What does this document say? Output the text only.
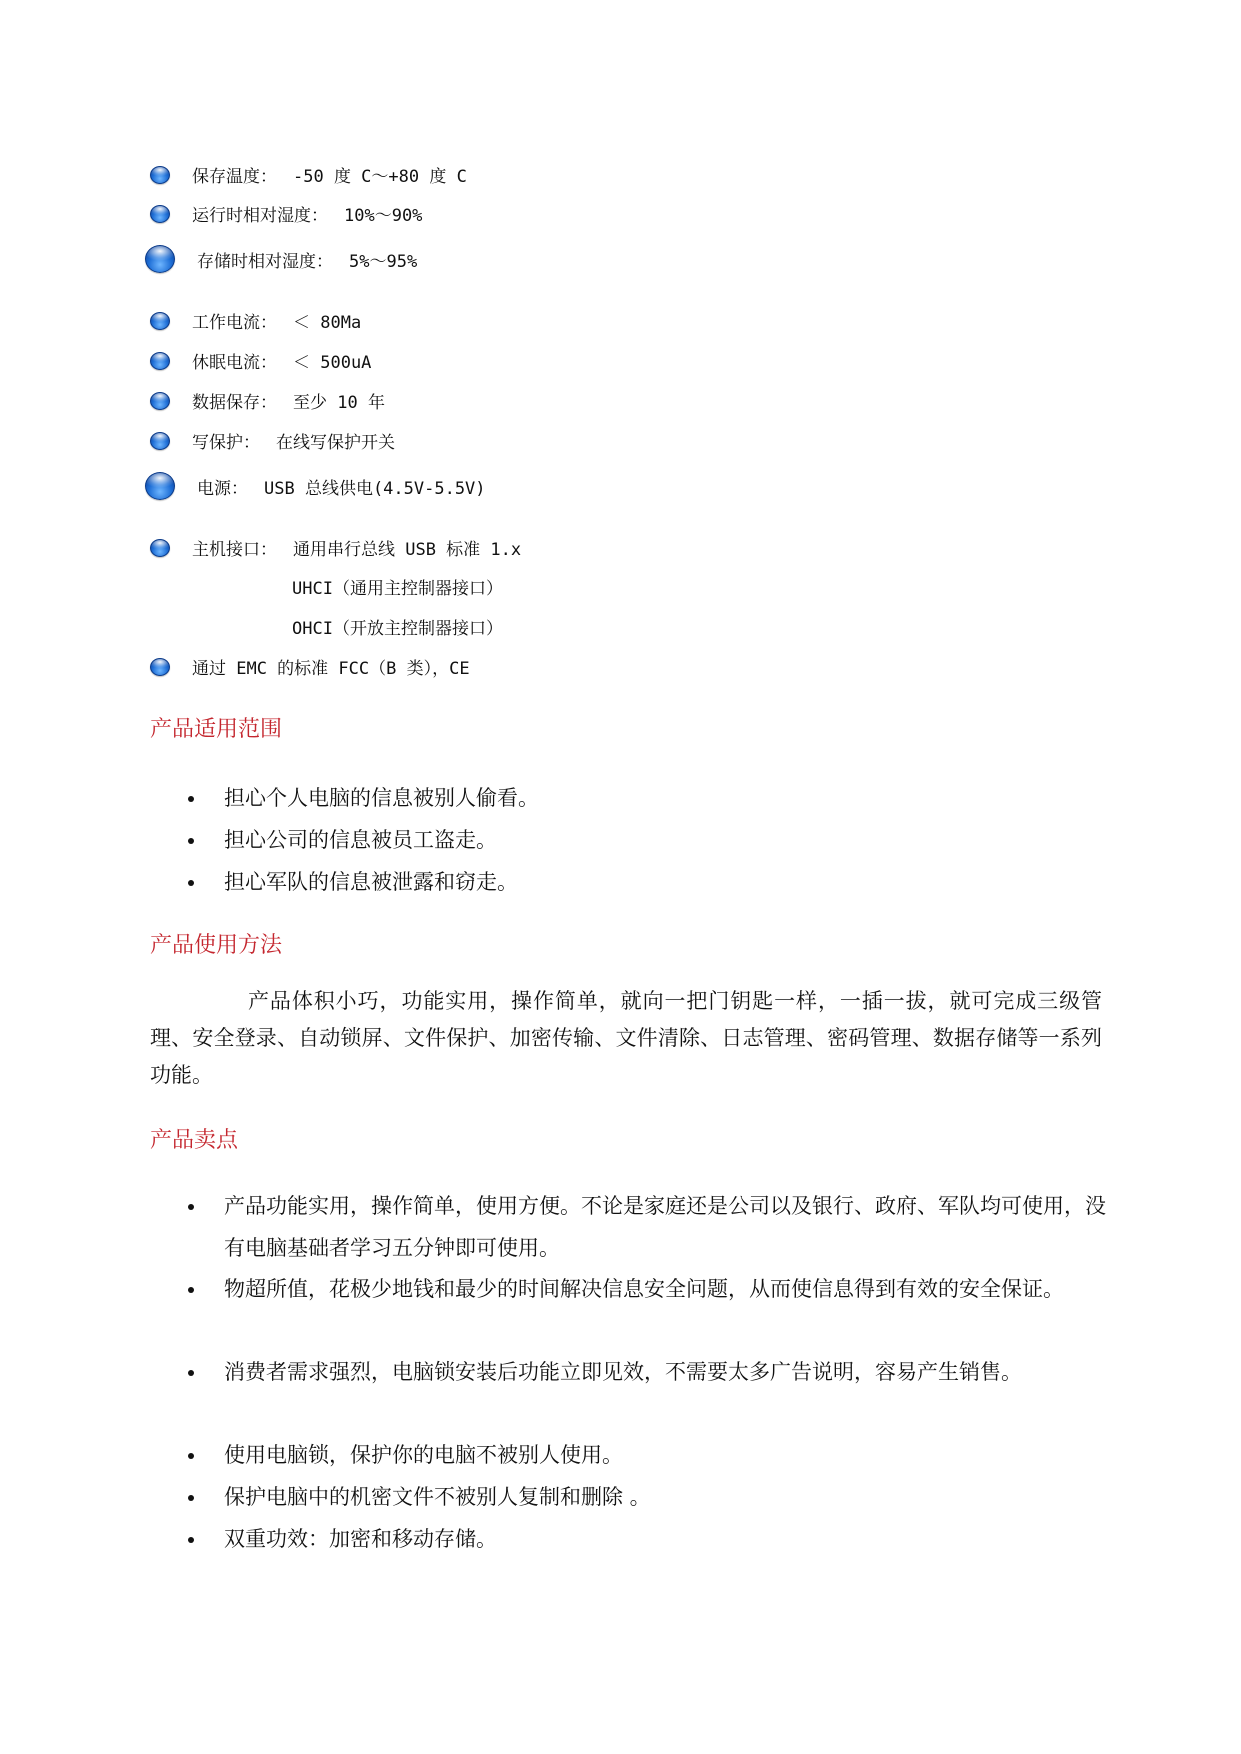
保存温度： -50 度 C～+80 度 C
运行时相对湿度： 10%～90%
存储时相对湿度： 5%～95%
工作电流： ＜ 80Ma
休眠电流： ＜ 500uA
数据保存： 至少 10 年
写保护： 在线写保护开关
电源： USB 总线供电(4.5V-5.5V)
主机接口： 通用串行总线 USB 标准 1.x
UHCI（通用主控制器接口）
OHCI（开放主控制器接口）
通过 EMC 的标准 FCC（B 类），CE
产品适用范围
担心个人电脑的信息被别人偷看。
担心公司的信息被员工盗走。
担心军队的信息被泄露和窃走。
产品使用方法
产品体积小巧，功能实用，操作简单，就向一把门钥匙一样，一插一拔，就可完成三级管理、安全登录、自动锁屏、文件保护、加密传输、文件清除、日志管理、密码管理、数据存储等一系列功能。
产品卖点
产品功能实用，操作简单，使用方便。不论是家庭还是公司以及银行、政府、军队均可使用，没有电脑基础者学习五分钟即可使用。
物超所值，花极少地钱和最少的时间解决信息安全问题，从而使信息得到有效的安全保证。
消费者需求强烈，电脑锁安装后功能立即见效，不需要太多广告说明，容易产生销售。
使用电脑锁，保护你的电脑不被别人使用。
保护电脑中的机密文件不被别人复制和删除 。
双重功效：加密和移动存储。
